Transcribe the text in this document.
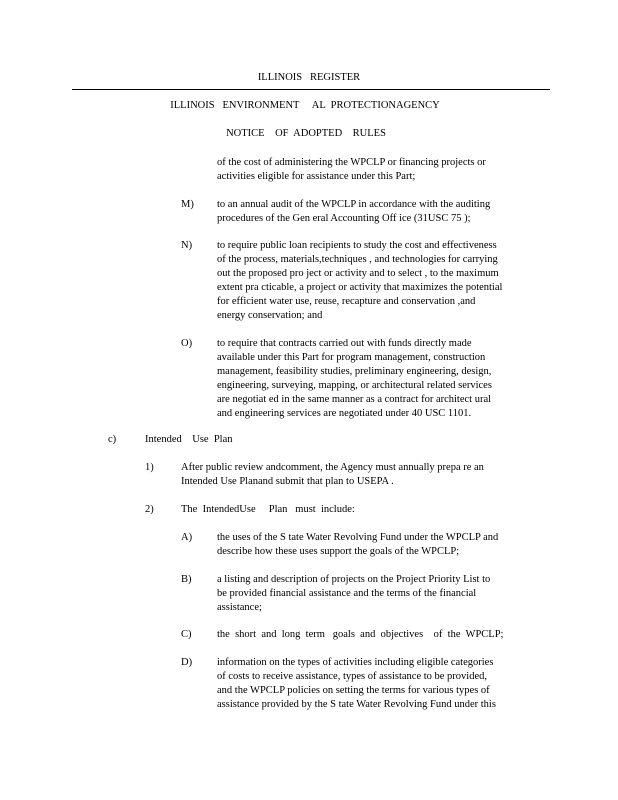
ILLINOIS   REGISTER
ILLINOIS   ENVIRONMENT     AL  PROTECTIONAGENCY
NOTICE    OF  ADOPTED    RULES
of the cost of administering the WPCLP or financing projects or
activities eligible for assistance under this Part;
M) to an annual audit of the WPCLP in accordance with the auditing
procedures of the Gen eral Accounting Off ice (31USC 75 );
N) to require public loan recipients to study the cost and effectiveness
of the process, materials,techniques , and technologies for carrying
out the proposed pro ject or activity and to select , to the maximum
extent pra cticable, a project or activity that maximizes the potential
for efficient water use, reuse, recapture and conservation ,and
energy conservation; and
O) to require that contracts carried out with funds directly made
available under this Part for program management, construction
management, feasibility studies, preliminary engineering, design,
engineering, surveying, mapping, or architectural related services
are negotiat ed in the same manner as a contract for architect ural
and engineering services are negotiated under 40 USC 1101.
c)	Intended    Use  Plan
1)	After public review andcomment, the Agency must annually prepa re an
Intended Use Planand submit that plan to USEPA .
2)	The  IntendedUse     Plan   must  include:
A) the uses of the S tate Water Revolving Fund under the WPCLP and
describe how these uses support the goals of the WPCLP;
B) a listing and description of projects on the Project Priority List to
be provided financial assistance and the terms of the financial
assistance;
C) the  short  and  long  term   goals  and  objectives    of  the  WPCLP;
D) information on the types of activities including eligible categories
of costs to receive assistance, types of assistance to be provided,
and the WPCLP policies on setting the terms for various types of
assistance provided by the S tate Water Revolving Fund under this
